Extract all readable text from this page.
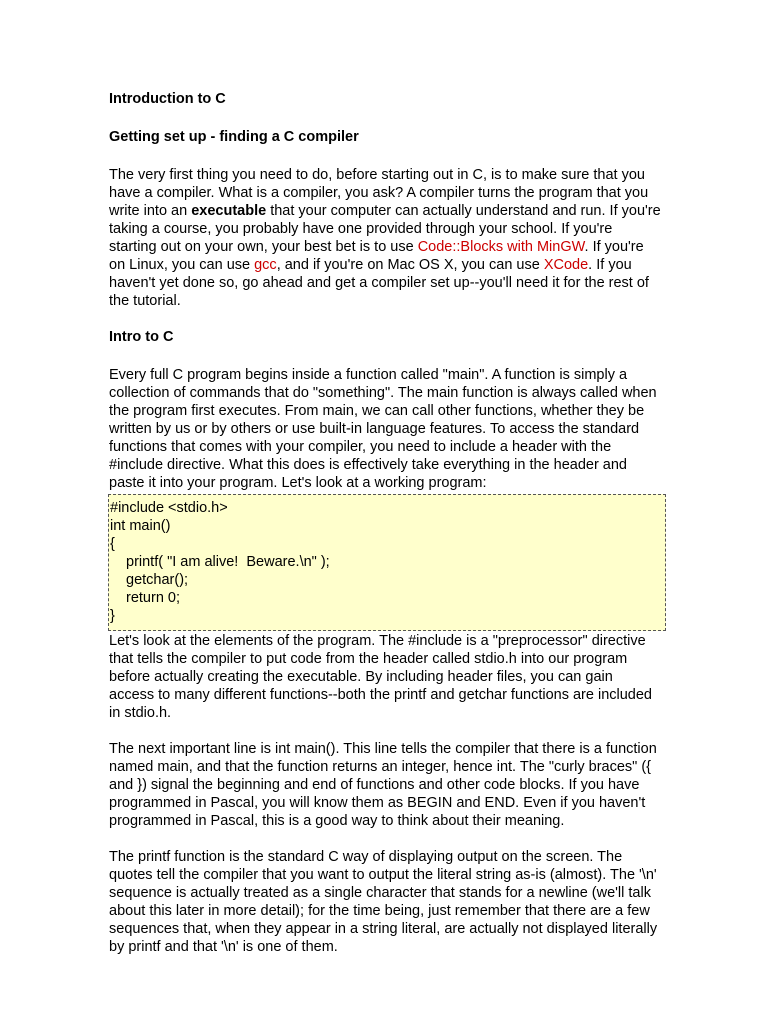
Introduction to C

Getting set up - finding a C compiler

The very first thing you need to do, before starting out in C, is to make sure that you have a compiler. What is a compiler, you ask? A compiler turns the program that you write into an executable that your computer can actually understand and run. If you're taking a course, you probably have one provided through your school. If you're starting out on your own, your best bet is to use Code::Blocks with MinGW. If you're on Linux, you can use gcc, and if you're on Mac OS X, you can use XCode. If you haven't yet done so, go ahead and get a compiler set up--you'll need it for the rest of the tutorial.

Intro to C

Every full C program begins inside a function called "main". A function is simply a collection of commands that do "something". The main function is always called when the program first executes. From main, we can call other functions, whether they be written by us or by others or use built-in language features. To access the standard functions that comes with your compiler, you need to include a header with the #include directive. What this does is effectively take everything in the header and paste it into your program. Let's look at a working program:

#include <stdio.h>
int main()
{
printf( "I am alive!  Beware.\n" );
getchar();
return 0;
}

Let's look at the elements of the program. The #include is a "preprocessor" directive that tells the compiler to put code from the header called stdio.h into our program before actually creating the executable. By including header files, you can gain access to many different functions--both the printf and getchar functions are included in stdio.h.

The next important line is int main(). This line tells the compiler that there is a function named main, and that the function returns an integer, hence int. The "curly braces" ({ and }) signal the beginning and end of functions and other code blocks. If you have programmed in Pascal, you will know them as BEGIN and END. Even if you haven't programmed in Pascal, this is a good way to think about their meaning.

The printf function is the standard C way of displaying output on the screen. The quotes tell the compiler that you want to output the literal string as-is (almost). The '\n' sequence is actually treated as a single character that stands for a newline (we'll talk about this later in more detail); for the time being, just remember that there are a few sequences that, when they appear in a string literal, are actually not displayed literally by printf and that '\n' is one of them.
